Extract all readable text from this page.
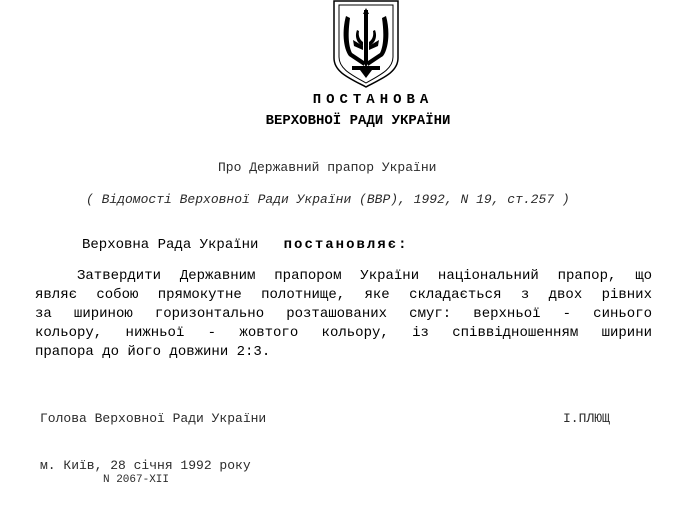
ПОСТАНОВА
ВЕРХОВНОЇ РАДИ УКРАЇНИ
Про Державний прапор України
( Відомості Верховної Ради України (ВВР), 1992, N 19, ст.257 )
Верховна Рада України постановляє:
Затвердити Державним прапором України національний прапор, що
являє собою прямокутне полотнище, яке складається з двох рівних
за шириною горизонтально розташованих смуг: верхньої - синього
кольору, нижньої - жовтого кольору, із співвідношенням ширини
прапора до його довжини 2:3.
Голова Верховної Ради України	І.ПЛЮЩ
м. Київ, 28 січня 1992 року
N 2067-XII
